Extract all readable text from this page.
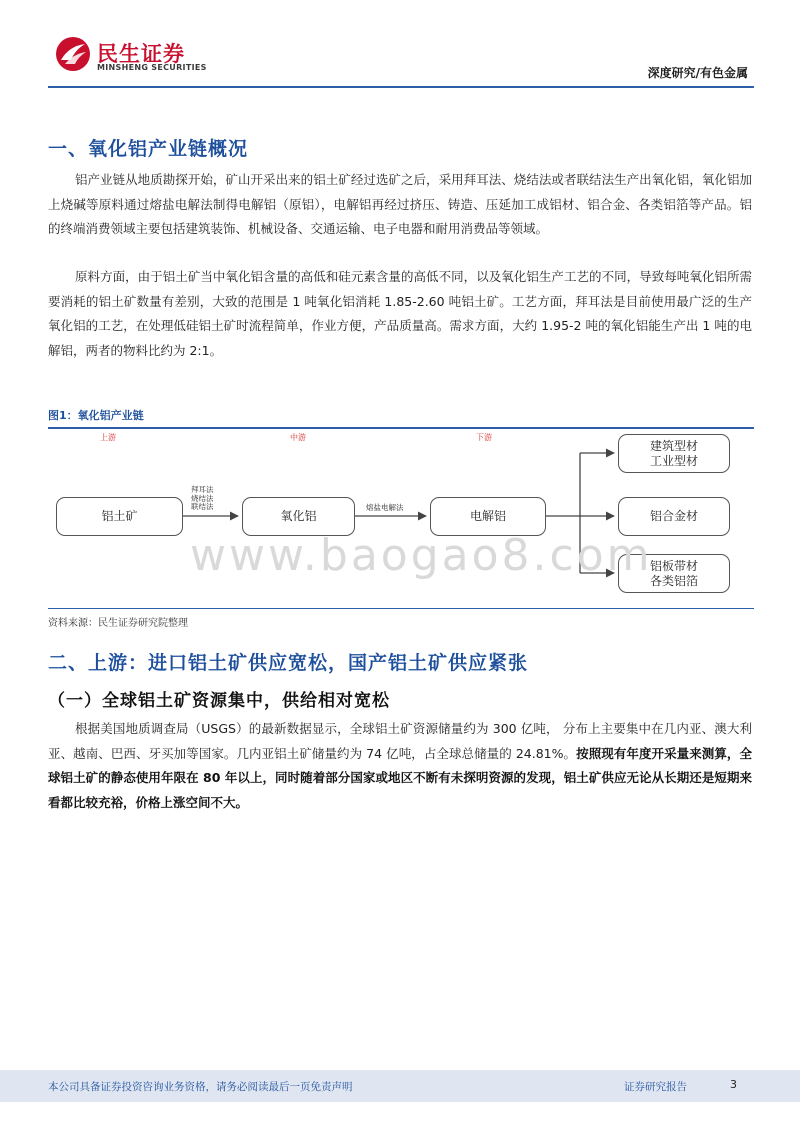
民生证券
MINSHENG SECURITIES	深度研究/有色金属
一、氧化铝产业链概况

铝产业链从地质勘探开始，矿山开采出来的铝土矿经过选矿之后，采用拜耳法、烧结法或者联结法生产出氧化铝，氧化铝加上烧碱等原料通过熔盐电解法制得电解铝（原铝），电解铝再经过挤压、铸造、压延加工成铝材、铝合金、各类铝箔等产品。铝的终端消费领域主要包括建筑装饰、机械设备、交通运输、电子电器和耐用消费品等领域。

原料方面，由于铝土矿当中氧化铝含量的高低和硅元素含量的高低不同，以及氧化铝生产工艺的不同，导致每吨氧化铝所需要消耗的铝土矿数量有差别，大致的范围是 1 吨氧化铝消耗 1.85-2.60 吨铝土矿。工艺方面，拜耳法是目前使用最广泛的生产氧化铝的工艺，在处理低硅铝土矿时流程简单，作业方便，产品质量高。需求方面，大约 1.95-2 吨的氧化铝能生产出 1 吨的电解铝，两者的物料比约为 2:1。

图1：氧化铝产业链
上游	中游	下游
拜耳法
烧结法
联结法	熔盐电解法
铝土矿	氧化铝	电解铝
建筑型材
工业型材
铝合金材
铝板带材
各类铝箔
www.baogao8.com
资料来源：民生证券研究院整理
二、上游：进口铝土矿供应宽松，国产铝土矿供应紧张
（一）全球铝土矿资源集中，供给相对宽松

根据美国地质调查局（USGS）的最新数据显示，全球铝土矿资源储量约为 300 亿吨， 分布上主要集中在几内亚、澳大利亚、越南、巴西、牙买加等国家。几内亚铝土矿储量约为 74 亿吨，占全球总储量的 24.81%。按照现有年度开采量来测算，全球铝土矿的静态使用年限在 80 年以上，同时随着部分国家或地区不断有未探明资源的发现，铝土矿供应无论从长期还是短期来看都比较充裕，价格上涨空间不大。

本公司具备证券投资咨询业务资格，请务必阅读最后一页免责声明	证券研究报告	3
